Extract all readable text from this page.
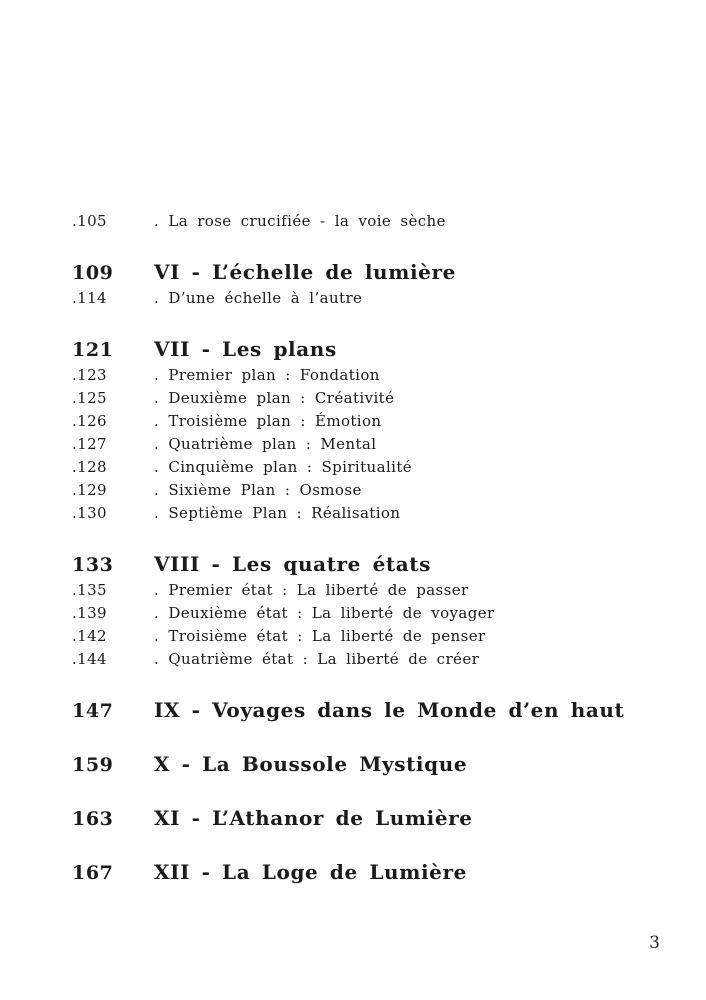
.105	. La rose crucifiée - la voie sèche
109	VI - L’échelle de lumière
.114	. D’une échelle à l’autre
121	VII - Les plans
.123	. Premier plan : Fondation
.125	. Deuxième plan : Créativité
.126	. Troisième plan : Émotion
.127	. Quatrième plan : Mental
.128	. Cinquième plan : Spiritualité
.129	. Sixième Plan : Osmose
.130	. Septième Plan : Réalisation
133	VIII - Les quatre états
.135	. Premier état : La liberté de passer
.139	. Deuxième état : La liberté de voyager
.142	. Troisième état : La liberté de penser
.144	. Quatrième état : La liberté de créer
147	IX - Voyages dans le Monde d’en haut
159	X - La Boussole Mystique
163	XI - L’Athanor de Lumière
167	XII - La Loge de Lumière
3
